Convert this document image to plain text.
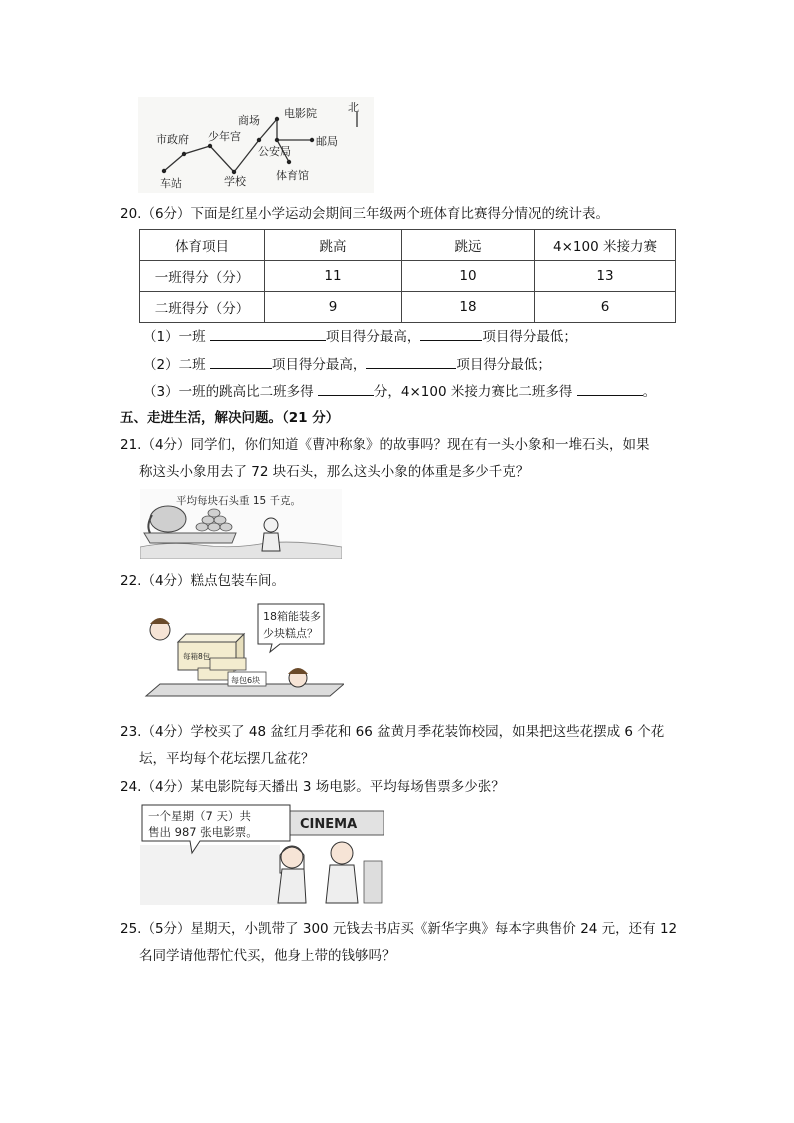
市政府 少年宫
商场
电影院	北
车站	学校
公安局
邮局
体育馆
20.（6分）下面是红星小学运动会期间三年级两个班体育比赛得分情况的统计表。
体育项目	跳高	跳远	4×100 米接力赛
一班得分（分）	11	10	13
二班得分（分）	9	18	6
（1）一班	项目得分最高，	项目得分最低；
（2）二班	项目得分最高，	项目得分最低；
（3）一班的跳高比二班多得	分，4×100 米接力赛比二班多得	。
五、走进生活，解决问题。（21 分）
21.（4分）同学们，你们知道《曹冲称象》的故事吗？现在有一头小象和一堆石头，如果
称这头小象用去了 72 块石头，那么这头小象的体重是多少千克？
平均每块石头重 15 千克。
22.（4分）糕点包装车间。
18箱能装多
少块糕点？
每箱8包
每包6块
23.（4分）学校买了 48 盆红月季花和 66 盆黄月季花装饰校园，如果把这些花摆成 6 个花
坛，平均每个花坛摆几盆花？
24.（4分）某电影院每天播出 3 场电影。平均每场售票多少张？
CINEMA
一个星期（7 天）共
售出 987 张电影票。
25.（5分）星期天，小凯带了 300 元钱去书店买《新华字典》每本字典售价 24 元，还有 12
名同学请他帮忙代买，他身上带的钱够吗？
